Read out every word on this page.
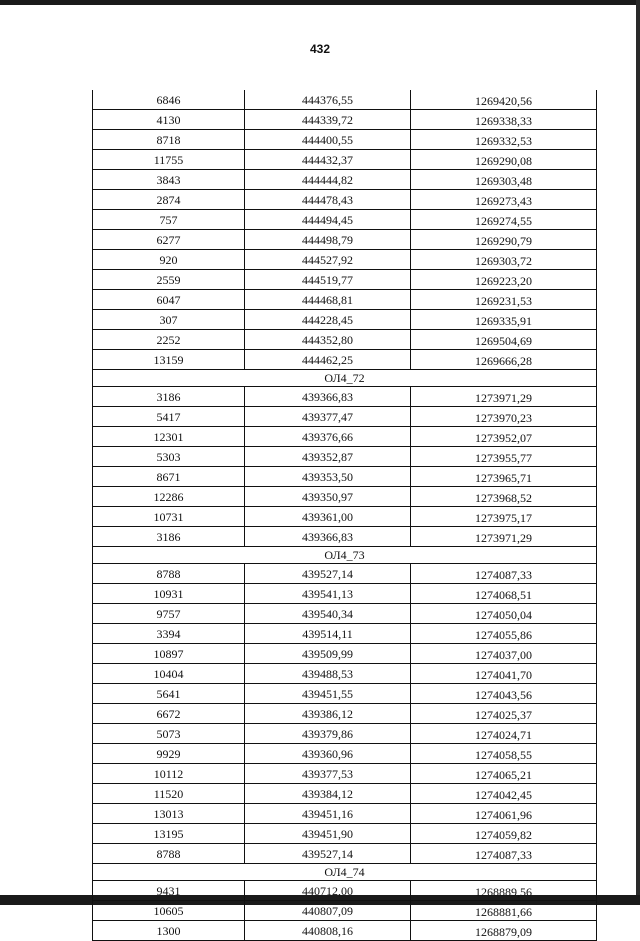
432
6846	444376,55	1269420,56
4130	444339,72	1269338,33
8718	444400,55	1269332,53
11755	444432,37	1269290,08
3843	444444,82	1269303,48
2874	444478,43	1269273,43
757	444494,45	1269274,55
6277	444498,79	1269290,79
920	444527,92	1269303,72
2559	444519,77	1269223,20
6047	444468,81	1269231,53
307	444228,45	1269335,91
2252	444352,80	1269504,69
13159	444462,25	1269666,28
ОЛ4_72		
3186	439366,83	1273971,29
5417	439377,47	1273970,23
12301	439376,66	1273952,07
5303	439352,87	1273955,77
8671	439353,50	1273965,71
12286	439350,97	1273968,52
10731	439361,00	1273975,17
3186	439366,83	1273971,29
ОЛ4_73		
8788	439527,14	1274087,33
10931	439541,13	1274068,51
9757	439540,34	1274050,04
3394	439514,11	1274055,86
10897	439509,99	1274037,00
10404	439488,53	1274041,70
5641	439451,55	1274043,56
6672	439386,12	1274025,37
5073	439379,86	1274024,71
9929	439360,96	1274058,55
10112	439377,53	1274065,21
11520	439384,12	1274042,45
13013	439451,16	1274061,96
13195	439451,90	1274059,82
8788	439527,14	1274087,33
ОЛ4_74		
9431	440712,00	1268889,56
10605	440807,09	1268881,66
1300	440808,16	1268879,09
